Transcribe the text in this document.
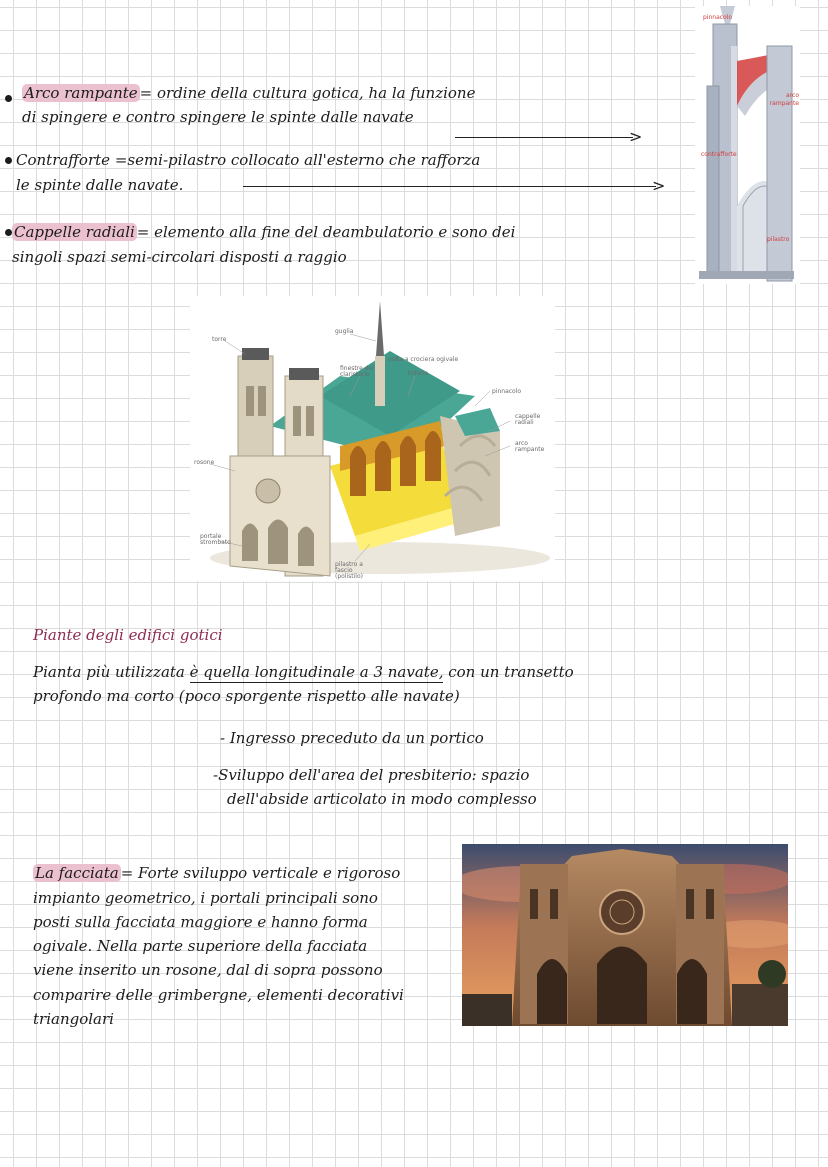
Arco rampante = ordine della cultura gotica, ha la funzione
di spingere e contro spingere le spinte dalle navate
>
Contrafforte =semi-pilastro collocato all'esterno che rafforza
le spinte dalle navate.	>
Cappelle radiali = elemento alla fine del deambulatorio e sono dei
singoli spazi semi-circolari disposti a raggio
pinnacolo
arco rampante
contrafforte
pilastro
torre
guglia
volta a crociera ogivale
finestre del claristorio	triforio
pinnacolo
cappelle radiali
arco rampante
rosone
portale strombato
pilastro a fascio (polistilo)
Piante degli edifici gotici
Pianta più utilizzata è quella longitudinale a 3 navate, con un transetto
profondo ma corto (poco sporgente rispetto alle navate)
- Ingresso preceduto da un portico
-Sviluppo dell'area del presbiterio: spazio
dell'abside articolato in modo complesso
La facciata = Forte sviluppo verticale e rigoroso
impianto geometrico, i portali principali sono
posti sulla facciata maggiore e hanno forma
ogivale. Nella parte superiore della facciata
viene inserito un rosone, dal di sopra possono
comparire delle grimbergne, elementi decorativi
triangolari
